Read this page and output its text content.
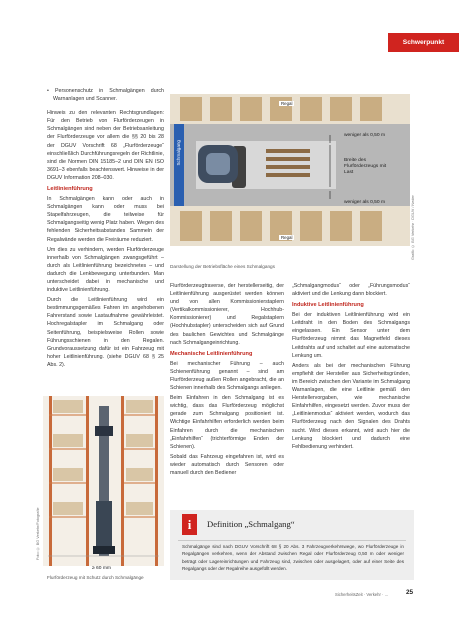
Schwerpunkt

• Personenschutz in Schmalgängen durch Warnanlagen und Scanner.

Hinweis zu den relevanten Rechtsgrundlagen: Für den Betrieb von Flurförderzeugen in Schmalgängen sind neben der Betriebsanleitung der Flurförderzeuge vor allem die §§ 20 bis 28 der DGUV Vorschrift 68 „Flurförderzeuge“ einschließlich Durchführungsregeln der Richtlinie, sind die Normen DIN 15185–2 und DIN EN ISO 3691–3 ebenfalls beachtenswert. Hinweise in der DGUV Information 208–030.

Leitlinienführung

In Schmalgängen kann oder auch in Schmalgängen kann oder muss bei Stapelfahrzeugen, die teilweise für Schmalgangseitig wenig Platz haben. Wegen des fehlenden Sicherheitsabstandes Sammeln der Regalwände werden die Freiräume reduziert.

Um dies zu verhindern, werden Flurförderzeuge innerhalb von Schmalgängen zwangsgeführt – durch als Leitlinienführung bezeichnetes – und dadurch die Lenkbewegung unterbunden. Man unterscheidet dabei in mechanische und induktive Leitlinienführung.

Durch die Leitlinienführung wird ein bestimmungsgemäßes Fahren im angehobenen Fahrerstand sowie Lastaufnahme gewährleistet. Hochregalstapler im Schmalgang oder Seitenführung, beispielsweise Rollen sowie Führungsschienen in den Regalen. Grundvoraussetzung dafür ist ein Fahrzeug mit hoher Leitlinienführung. (siehe DGUV 68 § 25 Abs. 2).

≥ 60 mm
Flurförderzeug mit Schutz durch Schmalgänge
Foto: © BG Verkehr/Fotografie
Regal
Regal
Schmalgang
weniger als 0,50 m
Breite des Flurförderzeugs mit Last
weniger als 0,50 m	Grafik: © BG Verkehr · DGUV / Neder
Darstellung der Betriebsfläche eines Schmalgangs

Flurförderzeugtraverse, der herstellerseitig, der Leitlinienführung ausgerüstet werden können und von allen Kommissionierstaplern (Vertikalkommissionierer, Hochhub-Kommissionierer) und Regalstaplern (Hochhubstapler) unterscheiden sich auf Grund des baulichen Gewichtes und Schmalgänge nach Schmalgangeinrichtung.

Mechanische Leitlinienführung

Bei mechanischer Führung – auch Schienenführung genannt – sind am Flurförderzeug außen Rollen angebracht, die an Schienen innerhalb des Schmalgangs anliegen.

Beim Einfahren in den Schmalgang ist es wichtig, dass das Flurförderzeug möglichst gerade zum Schmalgang positioniert ist. Wichtige Einfahrhilfen erforderlich werden beim Einfahren durch die mechanischen „Einfahrhilfen“ (trichterförmige Enden der Schienen).

Sobald das Fahrzeug eingefahren ist, wird es wieder automatisch durch Sensoren oder manuell durch den Bediener

„Schmalgangmodus“ oder „Führungsmodus“ aktiviert und die Lenkung dann blockiert.

Induktive Leitlinienführung

Bei der induktiven Leitlinienführung wird ein Leitdraht in den Boden des Schmalgangs eingelassen. Ein Sensor unter dem Flurförderzeug nimmt das Magnetfeld dieses Leitdrahts auf und schaltet auf eine automatische Lenkung um.

Anders als bei der mechanischen Führung empfiehlt der Hersteller aus Sicherheitsgründen, im Bereich zwischen den Variante im Schmalgang Warnanlagen, die eine Leitlinie gemäß den Herstellervorgaben, wie mechanische Einfahrhilfen, eingesetzt werden. Zuvor muss der „Leitlinienmodus“ aktiviert werden, wodurch das Flurförderzeug nach den Signalen des Drahts sucht. Wird dieses erkannt, wird auch hier die Lenkung blockiert und dadurch eine Fehlbedienung verhindert.

i	Definition „Schmalgang“
Schmalgänge sind nach DGUV Vorschrift 68 § 20 Abs. 3 Fahrzeugverkehrswege, wo Flurförderzeuge in Regalgängen verkehren, wenn der Abstand zwischen Regal oder Flurförderzeug 0,50 m oder weniger beträgt oder Lagereinrichtungen und Fahrzeug sind, zwischen oder ausgelagert, oder auf einer Seite des Regalgangs oder der Regalreihe ausgefüllt werden.
SicherheitsZeit · Verkehr · ...	25
